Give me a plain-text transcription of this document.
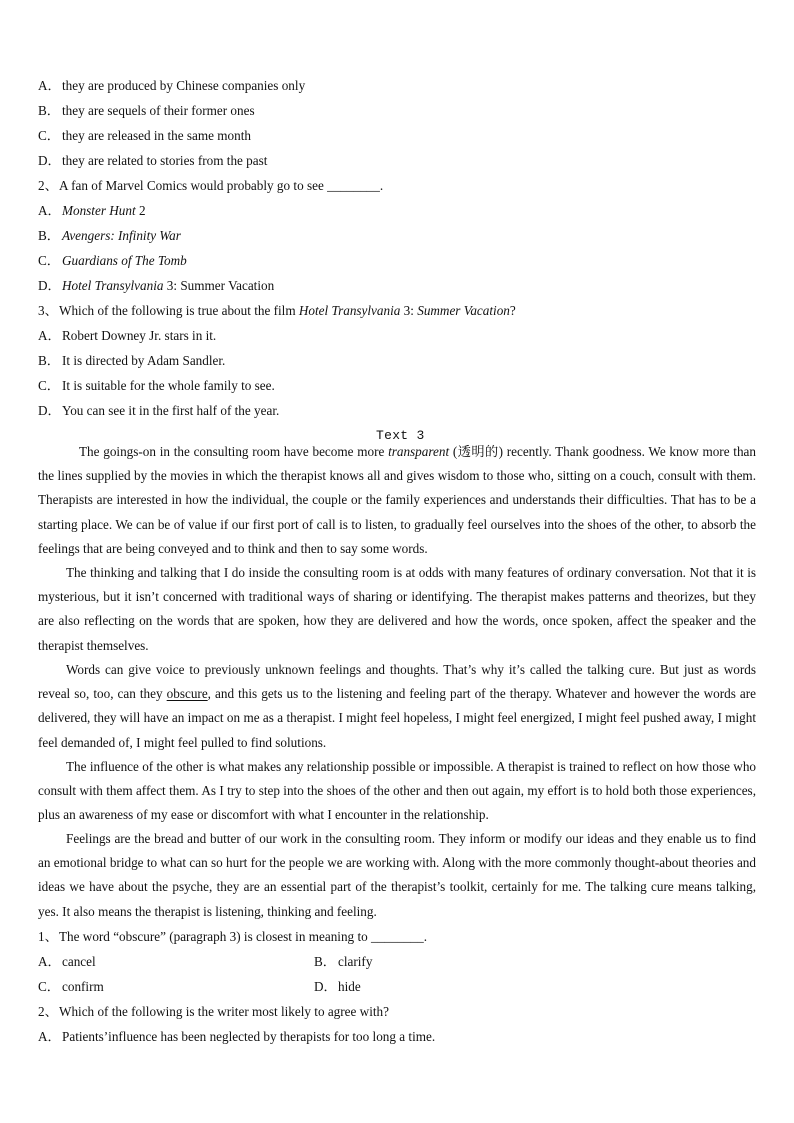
A．they are produced by Chinese companies only
B． they are sequels of their former ones
C． they are released in the same month
D．they are related to stories from the past
2、A fan of Marvel Comics would probably go to see ________.
A．Monster Hunt 2
B． Avengers: Infinity War
C． Guardians of The Tomb
D．Hotel Transylvania 3: Summer Vacation
3、Which of the following is true about the film Hotel Transylvania 3: Summer Vacation?
A．Robert Downey Jr. stars in it.
B． It is directed by Adam Sandler.
C． It is suitable for the whole family to see.
D．You can see it in the first half of the year.
Text 3
The goings-on in the consulting room have become more transparent (透明的) recently. Thank goodness. We know more than the lines supplied by the movies in which the therapist knows all and gives wisdom to those who, sitting on a couch, consult with them. Therapists are interested in how the individual, the couple or the family experiences and understands their difficulties. That has to be a starting place. We can be of value if our first port of call is to listen, to gradually feel ourselves into the shoes of the other, to absorb the feelings that are being conveyed and to think and then to say some words.
The thinking and talking that I do inside the consulting room is at odds with many features of ordinary conversation. Not that it is mysterious, but it isn’t concerned with traditional ways of sharing or identifying. The therapist makes patterns and theorizes, but they are also reflecting on the words that are spoken, how they are delivered and how the words, once spoken, affect the speaker and the therapist themselves.
Words can give voice to previously unknown feelings and thoughts. That’s why it’s called the talking cure. But just as words reveal so, too, can they obscure, and this gets us to the listening and feeling part of the therapy. Whatever and however the words are delivered, they will have an impact on me as a therapist. I might feel hopeless, I might feel energized, I might feel pushed away, I might feel demanded of, I might feel pulled to find solutions.
The influence of the other is what makes any relationship possible or impossible. A therapist is trained to reflect on how those who consult with them affect them. As I try to step into the shoes of the other and then out again, my effort is to hold both those experiences, plus an awareness of my ease or discomfort with what I encounter in the relationship.
Feelings are the bread and butter of our work in the consulting room. They inform or modify our ideas and they enable us to find an emotional bridge to what can so hurt for the people we are working with. Along with the more commonly thought-about theories and ideas we have about the psyche, they are an essential part of the therapist’s toolkit, certainly for me. The talking cure means talking, yes. It also means the therapist is listening, thinking and feeling.
1、The word “obscure” (paragraph 3) is closest in meaning to ________.
A．cancel	B． clarify
C． confirm	D．hide
2、Which of the following is the writer most likely to agree with?
A．Patients’influence has been neglected by therapists for too long a time.
